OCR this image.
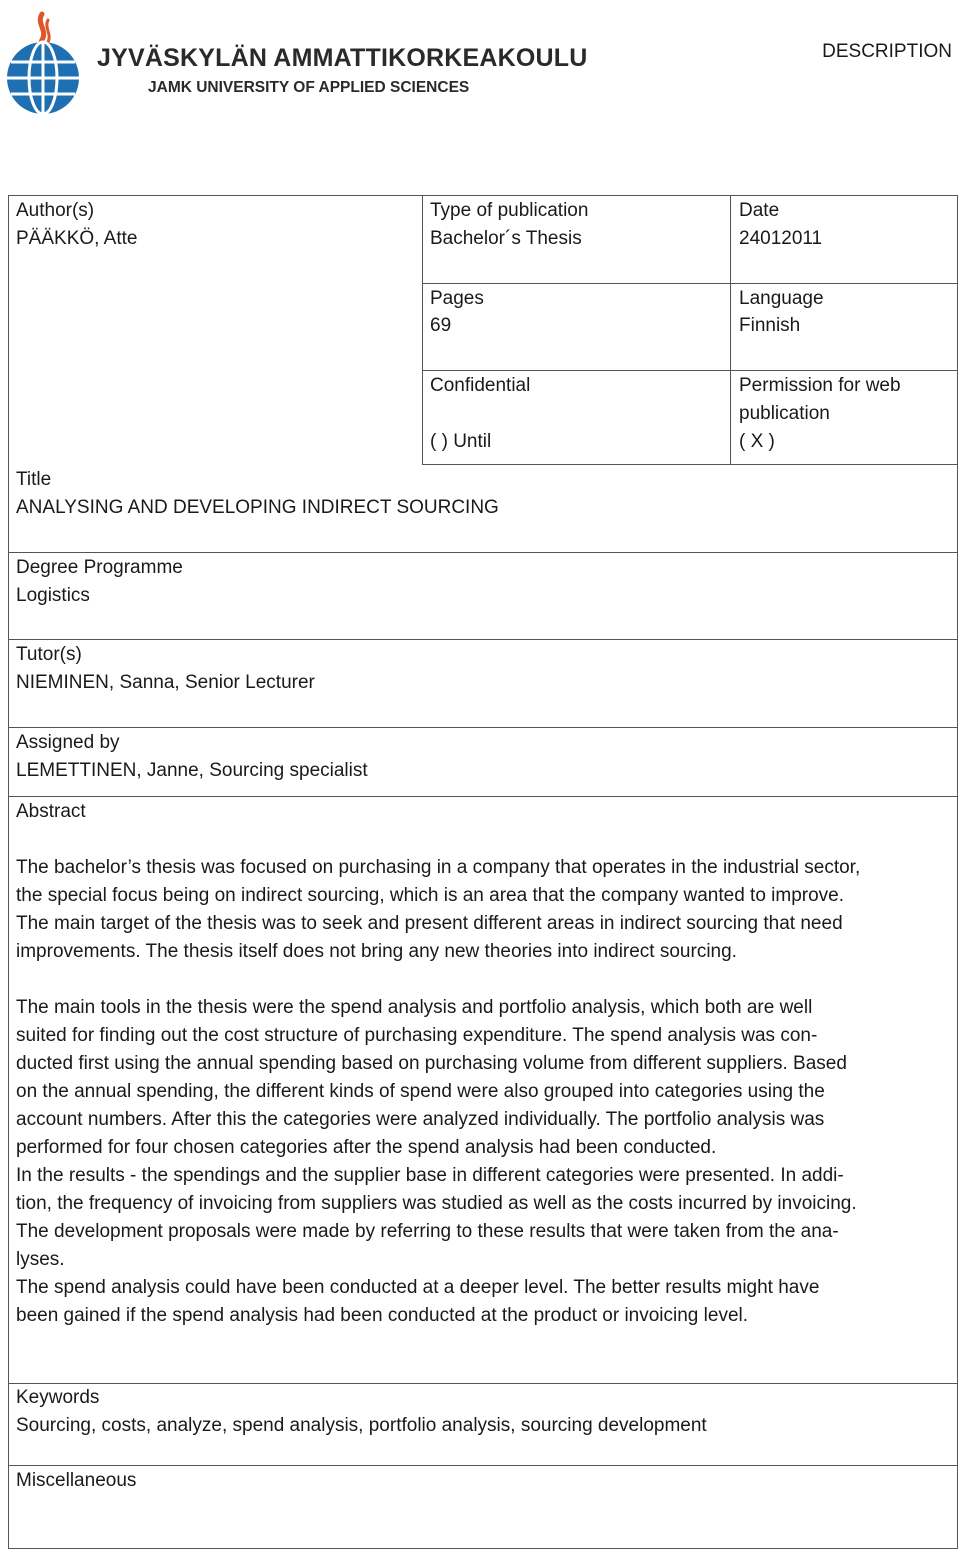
JYVÄSKYLÄN AMMATTIKORKEAKOULU
JAMK UNIVERSITY OF APPLIED SCIENCES
DESCRIPTION
Author(s)
PÄÄKKÖ, Atte
Type of publication
Bachelor´s Thesis
Date
24012011
Pages
69
Language
Finnish
Confidential
( ) Until
Permission for web
publication
( X )
Title
ANALYSING AND DEVELOPING INDIRECT SOURCING
Degree Programme
Logistics
Tutor(s)
NIEMINEN, Sanna, Senior Lecturer
Assigned by
LEMETTINEN, Janne, Sourcing specialist
Abstract

The bachelor’s thesis was focused on purchasing in a company that operates in the industrial sector,
the special focus being on indirect sourcing, which is an area that the company wanted to improve.
The main target of the thesis was to seek and present different areas in indirect sourcing that need
improvements. The thesis itself does not bring any new theories into indirect sourcing.

The main tools in the thesis were the spend analysis and portfolio analysis, which both are well
suited for finding out the cost structure of purchasing expenditure. The spend analysis was con-
ducted first using the annual spending based on purchasing volume from different suppliers. Based
on the annual spending, the different kinds of spend were also grouped into categories using the
account numbers. After this the categories were analyzed individually. The portfolio analysis was
performed for four chosen categories after the spend analysis had been conducted.

In the results - the spendings and the supplier base in different categories were presented. In addi-
tion, the frequency of invoicing from suppliers was studied as well as the costs incurred by invoicing.
The development proposals were made by referring to these results that were taken from the ana-
lyses.

The spend analysis could have been conducted at a deeper level. The better results might have
been gained if the spend analysis had been conducted at the product or invoicing level.

Keywords
Sourcing, costs, analyze, spend analysis, portfolio analysis, sourcing development
Miscellaneous
